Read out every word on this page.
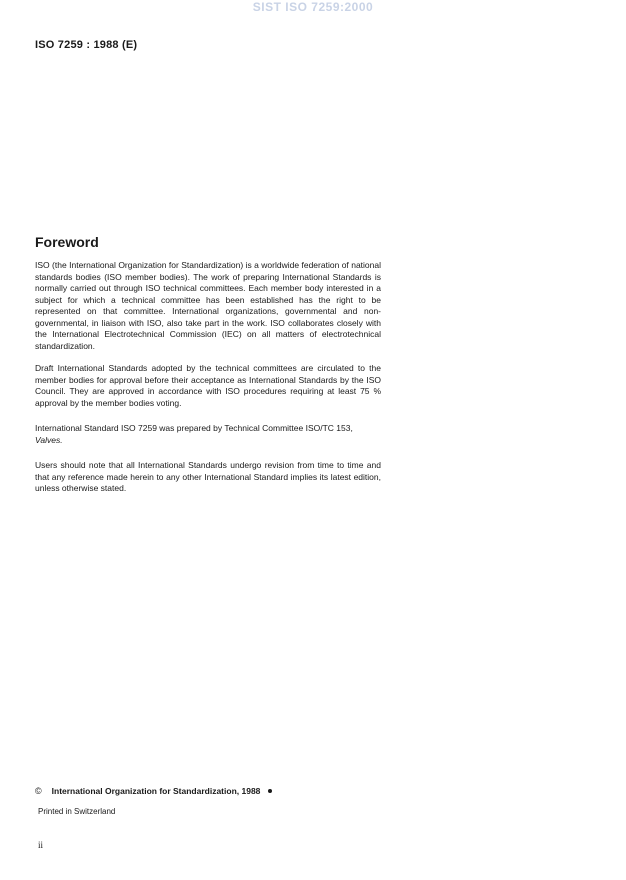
SIST ISO 7259:2000
ISO 7259 : 1988 (E)
Foreword

ISO (the International Organization for Standardization) is a worldwide federation of national standards bodies (ISO member bodies). The work of preparing International Standards is normally carried out through ISO technical committees. Each member body interested in a subject for which a technical committee has been established has the right to be represented on that committee. International organizations, governmental and non-governmental, in liaison with ISO, also take part in the work. ISO collaborates closely with the International Electrotechnical Commission (IEC) on all matters of electrotechnical standardization.

Draft International Standards adopted by the technical committees are circulated to the member bodies for approval before their acceptance as International Standards by the ISO Council. They are approved in accordance with ISO procedures requiring at least 75 % approval by the member bodies voting.

International Standard ISO 7259 was prepared by Technical Committee ISO/TC 153,
Valves.

Users should note that all International Standards undergo revision from time to time and that any reference made herein to any other International Standard implies its latest edition, unless otherwise stated.

© International Organization for Standardization, 1988
Printed in Switzerland
ii
